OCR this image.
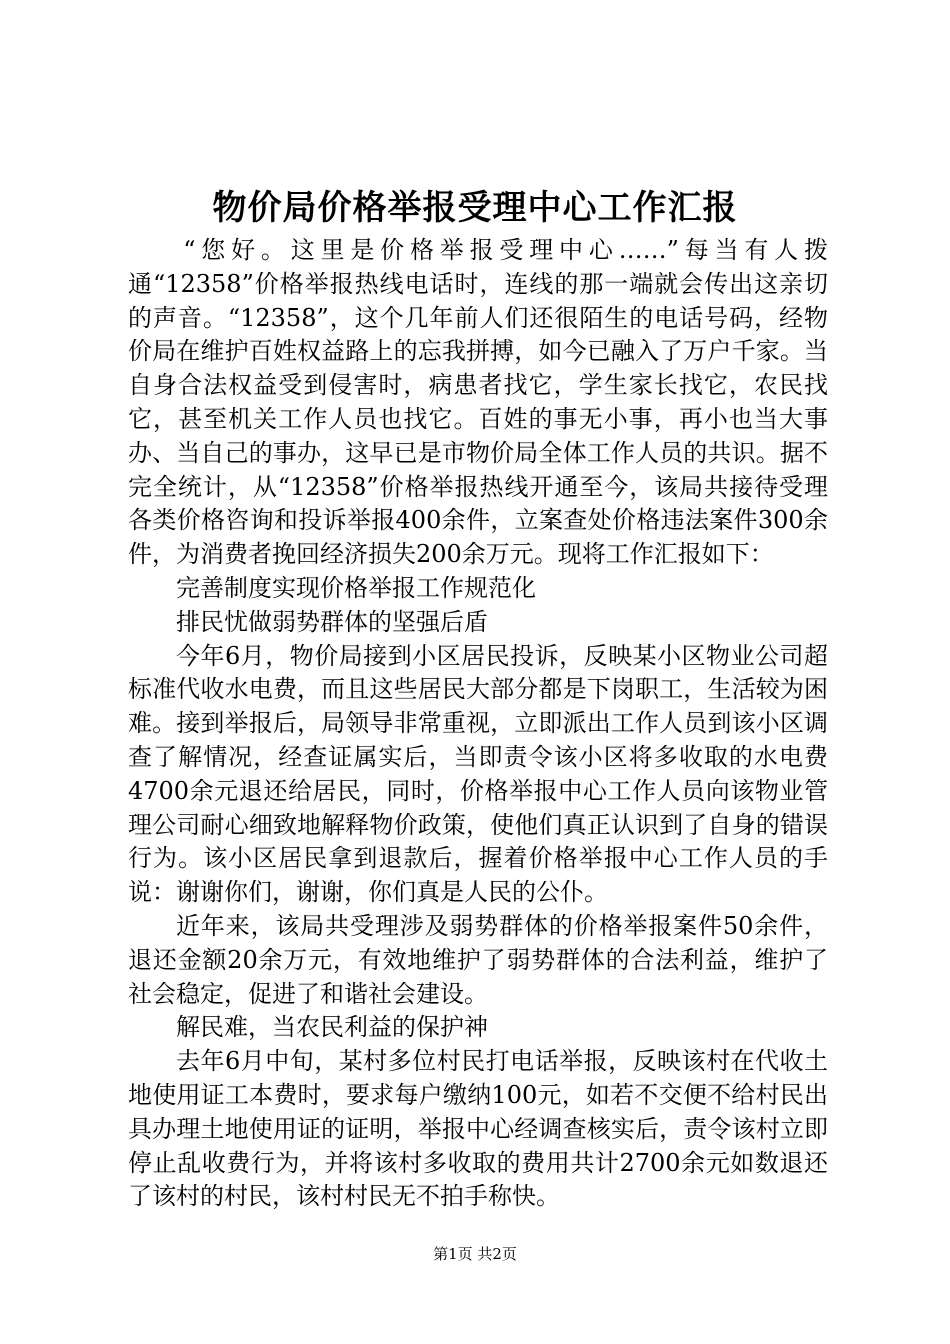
物价局价格举报受理中心工作汇报

“您好。这里是价格举报受理中心……”每当有人拨通“12358”价格举报热线电话时，连线的那一端就会传出这亲切的声音。“12358”，这个几年前人们还很陌生的电话号码，经物价局在维护百姓权益路上的忘我拼搏，如今已融入了万户千家。当自身合法权益受到侵害时，病患者找它，学生家长找它，农民找它，甚至机关工作人员也找它。百姓的事无小事，再小也当大事办、当自己的事办，这早已是市物价局全体工作人员的共识。据不完全统计，从“12358”价格举报热线开通至今，该局共接待受理各类价格咨询和投诉举报400余件，立案查处价格违法案件300余件，为消费者挽回经济损失200余万元。现将工作汇报如下：

完善制度实现价格举报工作规范化

排民忧做弱势群体的坚强后盾

今年6月，物价局接到小区居民投诉，反映某小区物业公司超标准代收水电费，而且这些居民大部分都是下岗职工，生活较为困难。接到举报后，局领导非常重视，立即派出工作人员到该小区调查了解情况，经查证属实后，当即责令该小区将多收取的水电费4700余元退还给居民，同时，价格举报中心工作人员向该物业管理公司耐心细致地解释物价政策，使他们真正认识到了自身的错误行为。该小区居民拿到退款后，握着价格举报中心工作人员的手说：谢谢你们，谢谢，你们真是人民的公仆。

近年来，该局共受理涉及弱势群体的价格举报案件50余件，退还金额20余万元，有效地维护了弱势群体的合法利益，维护了社会稳定，促进了和谐社会建设。

解民难，当农民利益的保护神

去年6月中旬，某村多位村民打电话举报，反映该村在代收土地使用证工本费时，要求每户缴纳100元，如若不交便不给村民出具办理土地使用证的证明，举报中心经调查核实后，责令该村立即停止乱收费行为，并将该村多收取的费用共计2700余元如数退还了该村的村民，该村村民无不拍手称快。

第1页 共2页
